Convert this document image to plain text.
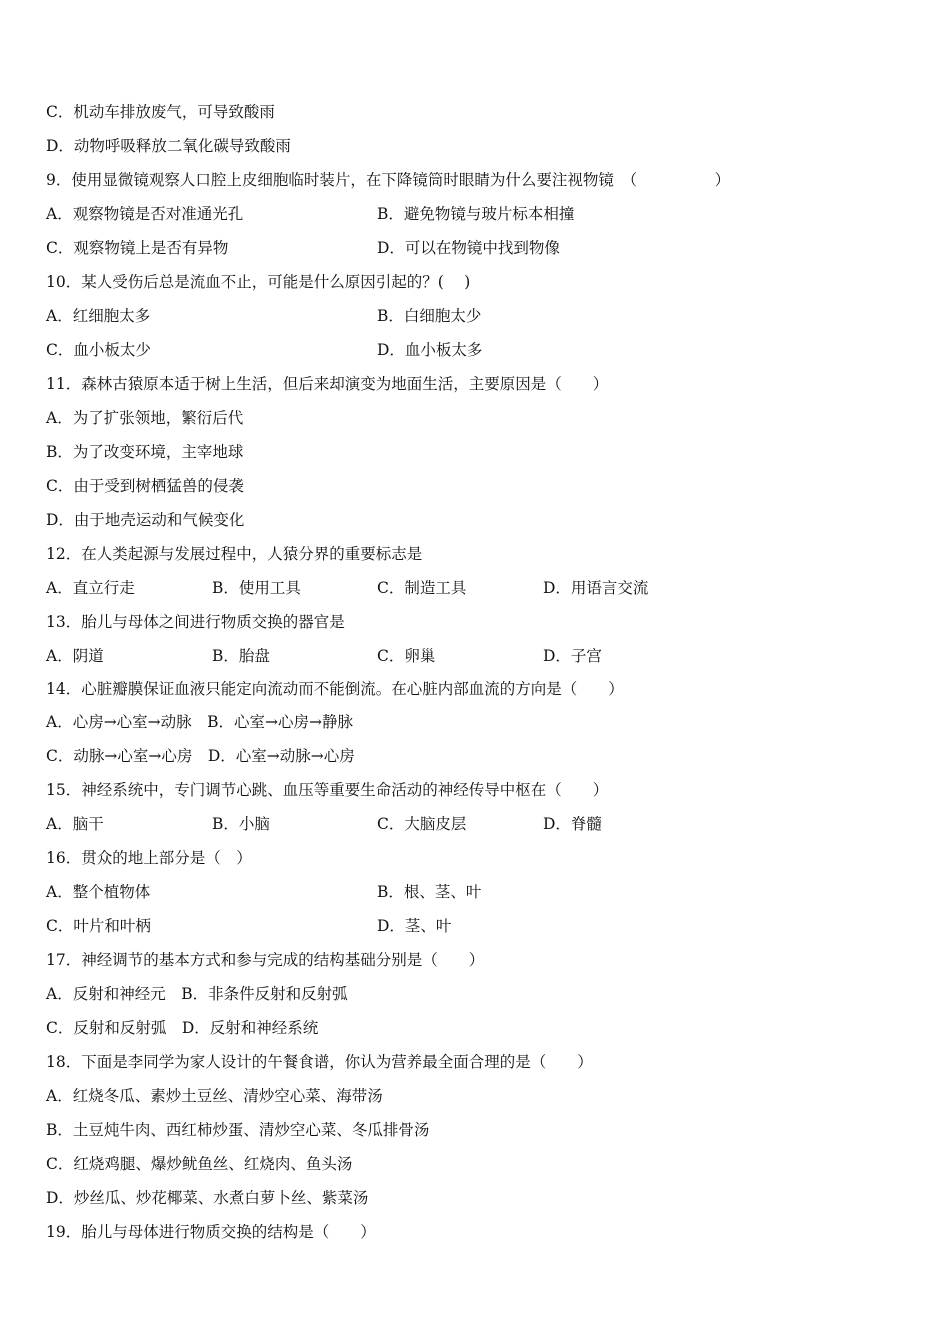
C．机动车排放废气，可导致酸雨
D．动物呼吸释放二氧化碳导致酸雨
9．使用显微镜观察人口腔上皮细胞临时装片，在下降镜筒时眼睛为什么要注视物镜　（　　　　　）

A．观察物镜是否对准通光孔

	B．避免物镜与玻片标本相撞

C．观察物镜上是否有异物

	D．可以在物镜中找到物像

10．某人受伤后总是流血不止，可能是什么原因引起的？(　 )

A．红细胞太多

	B．白细胞太少

C．血小板太少

	D．血小板太多

11．森林古猿原本适于树上生活，但后来却演变为地面生活，主要原因是（　　）
A．为了扩张领地，繁衍后代
B．为了改变环境，主宰地球
C．由于受到树栖猛兽的侵袭
D．由于地壳运动和气候变化
12．在人类起源与发展过程中，人猿分界的重要标志是

A．直立行走

	B．使用工具

	C．制造工具

	D．用语言交流

13．胎儿与母体之间进行物质交换的器官是

A．阴道

	B．胎盘

	C．卵巢

	D．子宫

14．心脏瓣膜保证血液只能定向流动而不能倒流。在心脏内部血流的方向是（　　）
A．心房→心室→动脉　B．心室→心房→静脉
C．动脉→心室→心房　D．心室→动脉→心房
15．神经系统中，专门调节心跳、血压等重要生命活动的神经传导中枢在（　　）

A．脑干

	B．小脑

	C．大脑皮层

	D．脊髓

16．贯众的地上部分是（　）

A．整个植物体

	B．根、茎、叶

C．叶片和叶柄

	D．茎、叶

17．神经调节的基本方式和参与完成的结构基础分别是（　　）
A．反射和神经元　B．非条件反射和反射弧
C．反射和反射弧　D．反射和神经系统
18．下面是李同学为家人设计的午餐食谱，你认为营养最全面合理的是（　　）
A．红烧冬瓜、素炒土豆丝、清炒空心菜、海带汤
B．土豆炖牛肉、西红柿炒蛋、清炒空心菜、冬瓜排骨汤
C．红烧鸡腿、爆炒鱿鱼丝、红烧肉、鱼头汤
D．炒丝瓜、炒花椰菜、水煮白萝卜丝、紫菜汤
19．胎儿与母体进行物质交换的结构是（　　）
